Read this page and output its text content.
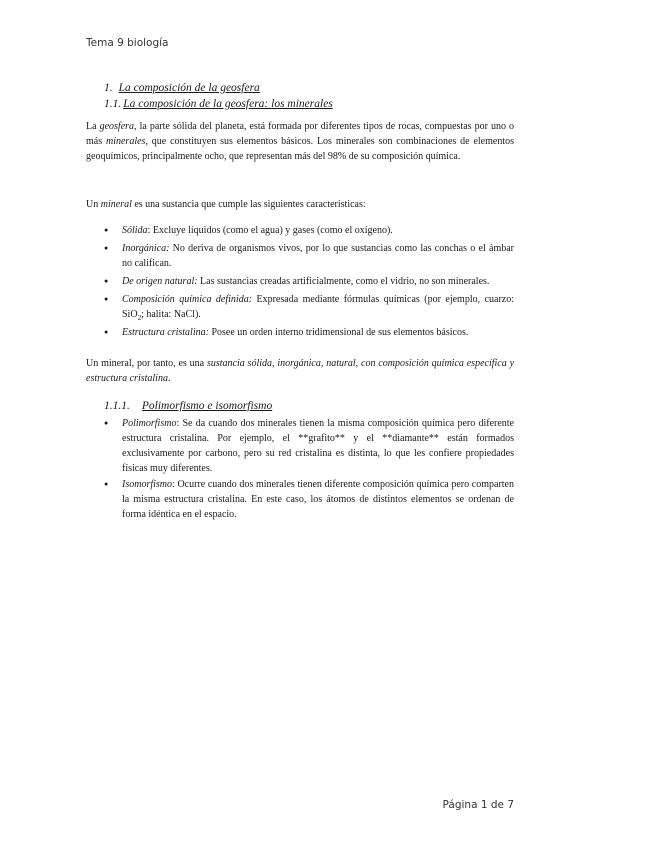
Tema 9 biología
1. La composición de la geosfera
1.1. La composición de la geosfera: los minerales

La geosfera, la parte sólida del planeta, está formada por diferentes tipos de rocas, compuestas por uno o más minerales, que constituyen sus elementos básicos. Los minerales son combinaciones de elementos geoquímicos, principalmente ocho, que representan más del 98% de su composición química.

Un mineral es una sustancia que cumple las siguientes características:

● Sólida: Excluye líquidos (como el agua) y gases (como el oxígeno).
● Inorgánica: No deriva de organismos vivos, por lo que sustancias como las conchas o el ámbar no califican.
● De origen natural: Las sustancias creadas artificialmente, como el vidrio, no son minerales.
● Composición química definida: Expresada mediante fórmulas químicas (por ejemplo, cuarzo: SiO$_2$; halita: NaCl).
● Estructura cristalina: Posee un orden interno tridimensional de sus elementos básicos.

Un mineral, por tanto, es una sustancia sólida, inorgánica, natural, con composición química específica y estructura cristalina.

1.1.1. Polimorfismo e isomorfismo
● Polimorfismo: Se da cuando dos minerales tienen la misma composición química pero diferente estructura cristalina. Por ejemplo, el **grafito** y el **diamante** están formados exclusivamente por carbono, pero su red cristalina es distinta, lo que les confiere propiedades físicas muy diferentes.
● Isomorfismo: Ocurre cuando dos minerales tienen diferente composición química pero comparten la misma estructura cristalina. En este caso, los átomos de distintos elementos se ordenan de forma idéntica en el espacio.
Página 1 de 7
